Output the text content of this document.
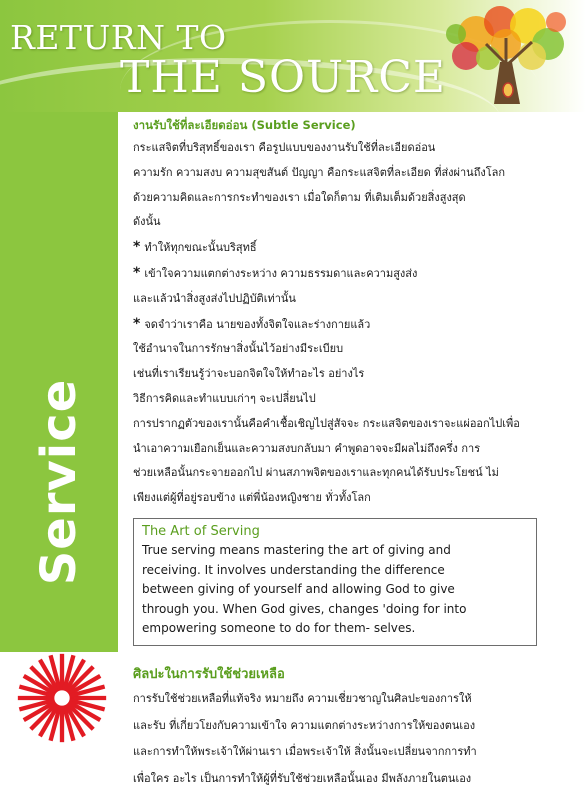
RETURN TO
THE SOURCE
Service
งานรับใช้ที่ละเอียดอ่อน (Subtle Service)
กระแสจิตที่บริสุทธิ์ของเรา คือรูปแบบของงานรับใช้ที่ละเอียดอ่อน
ความรัก ความสงบ ความสุขสันต์ ปัญญา คือกระแสจิตที่ละเอียด ที่ส่งผ่านถึงโลก
ด้วยความคิดและการกระทำของเรา เมื่อใดก็ตาม ที่เติมเต็มด้วยสิ่งสูงสุด
ดังนั้น
* ทำให้ทุกขณะนั้นบริสุทธิ์
* เข้าใจความแตกต่างระหว่าง ความธรรมดาและความสูงส่ง
และแล้วนำสิ่งสูงส่งไปปฏิบัติเท่านั้น
* จดจำว่าเราคือ นายของทั้งจิตใจและร่างกายแล้ว
ใช้อำนาจในการรักษาสิ่งนั้นไว้อย่างมีระเบียบ
เช่นที่เราเรียนรู้ว่าจะบอกจิตใจให้ทำอะไร อย่างไร
วิธีการคิดและทำแบบเก่าๆ จะเปลี่ยนไป
การปรากฏตัวของเรานั้นคือคำเชื้อเชิญไปสู่สัจจะ กระแสจิตของเราจะแผ่ออกไปเพื่อ
นำเอาความเยือกเย็นและความสงบกลับมา คำพูดอาจจะมีผลไม่ถึงครึ่ง การ
ช่วยเหลือนั้นกระจายออกไป ผ่านสภาพจิตของเราและทุกคนได้รับประโยชน์ ไม่
เพียงแต่ผู้ที่อยู่รอบข้าง แต่พี่น้องหญิงชาย ทั่วทั้งโลก
The Art of Serving
True serving means mastering the art of giving and
receiving. It involves understanding the difference
between giving of yourself and allowing God to give
through you. When God gives, changes 'doing for into
empowering someone to do for them- selves.
ศิลปะในการรับใช้ช่วยเหลือ
การรับใช้ช่วยเหลือที่แท้จริง หมายถึง ความเชี่ยวชาญในศิลปะของการให้
และรับ ที่เกี่ยวโยงกับความเข้าใจ ความแตกต่างระหว่างการให้ของตนเอง
และการทำให้พระเจ้าให้ผ่านเรา เมื่อพระเจ้าให้ สิ่งนั้นจะเปลี่ยนจากการทำ
เพื่อใคร อะไร เป็นการทำให้ผู้ที่รับใช้ช่วยเหลือนั้นเอง มีพลังภายในตนเอง
